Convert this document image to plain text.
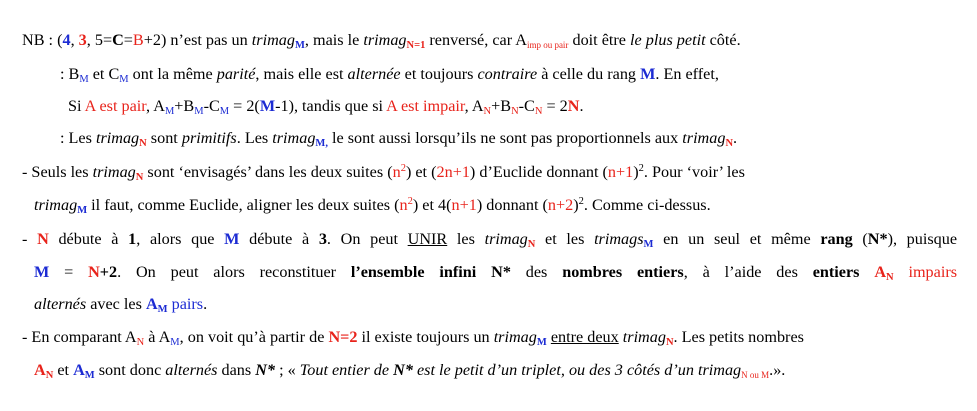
NB : (4, 3, 5=C=B+2) n’est pas un trimag$_M$, mais le trimag$_{N=1}$ renversé, car $A_{imp ou pair}$ doit être le plus petit côté.
: $B_M$ et $C_M$ ont la même parité, mais elle est alternée et toujours contraire à celle du rang M. En effet,
Si A est pair, $A_M+B_M-C_M = 2(M-1)$, tandis que si A est impair, $A_N+B_N-C_N = 2N$.
: Les trimag$_N$ sont primitifs. Les trimag$_{M,}$ le sont aussi lorsqu’ils ne sont pas proportionnels aux trimag$_N$.
- Seuls les trimag$_N$ sont ‘envisagés’ dans les deux suites $(n^2)$ et (2n+1) d’Euclide donnant $(n+1)^2$. Pour ‘voir’ les
trimag$_M$ il faut, comme Euclide, aligner les deux suites $(n^2)$ et 4(n+1) donnant $(n+2)^2$. Comme ci-dessus.
- N débute à 1, alors que M débute à 3. On peut UNIR les trimag$_N$ et les trimags$_M$ en un seul et même rang (N*), puisque
M = N+2. On peut alors reconstituer l’ensemble infini N* des nombres entiers, à l’aide des entiers $A_N$ impairs
alternés avec les $A_M$ pairs.
- En comparant $A_N$ à $A_M$, on voit qu’à partir de N=2 il existe toujours un trimag$_M$ entre deux trimag$_N$. Les petits nombres
$A_N$ et $A_M$ sont donc alternés dans N* ; « Tout entier de N* est le petit d’un triplet, ou des 3 côtés d’un trimag$_{N ou M}$.».
